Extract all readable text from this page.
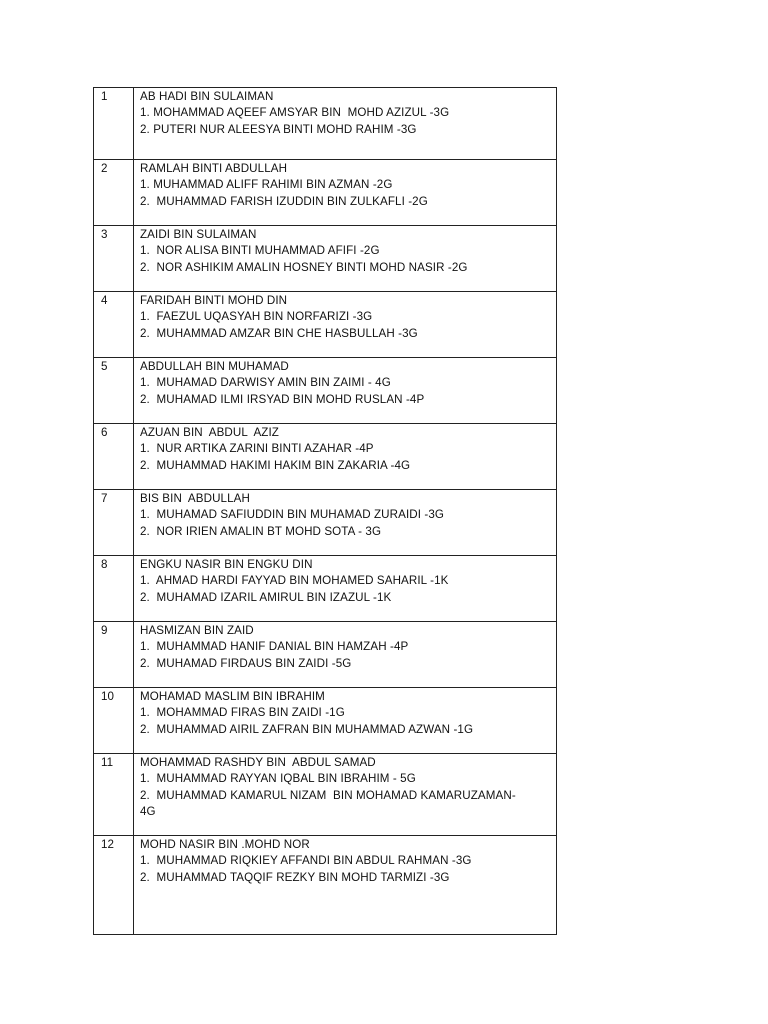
1	AB HADI BIN SULAIMAN
1. MOHAMMAD AQEEF AMSYAR BIN  MOHD AZIZUL -3G
2. PUTERI NUR ALEESYA BINTI MOHD RAHIM -3G

2	RAMLAH BINTI ABDULLAH
1. MUHAMMAD ALIFF RAHIMI BIN AZMAN -2G
2.  MUHAMMAD FARISH IZUDDIN BIN ZULKAFLI -2G

3	ZAIDI BIN SULAIMAN
1.  NOR ALISA BINTI MUHAMMAD AFIFI -2G
2.  NOR ASHIKIM AMALIN HOSNEY BINTI MOHD NASIR -2G

4	FARIDAH BINTI MOHD DIN
1.  FAEZUL UQASYAH BIN NORFARIZI -3G
2.  MUHAMMAD AMZAR BIN CHE HASBULLAH -3G

5	ABDULLAH BIN MUHAMAD
1.  MUHAMAD DARWISY AMIN BIN ZAIMI - 4G
2.  MUHAMAD ILMI IRSYAD BIN MOHD RUSLAN -4P

6	AZUAN BIN  ABDUL  AZIZ
1.  NUR ARTIKA ZARINI BINTI AZAHAR -4P
2.  MUHAMMAD HAKIMI HAKIM BIN ZAKARIA -4G

7	BIS BIN  ABDULLAH
1.  MUHAMAD SAFIUDDIN BIN MUHAMAD ZURAIDI -3G
2.  NOR IRIEN AMALIN BT MOHD SOTA - 3G

8	ENGKU NASIR BIN ENGKU DIN
1.  AHMAD HARDI FAYYAD BIN MOHAMED SAHARIL -1K
2.  MUHAMAD IZARIL AMIRUL BIN IZAZUL -1K

9	HASMIZAN BIN ZAID
1.  MUHAMMAD HANIF DANIAL BIN HAMZAH -4P
2.  MUHAMAD FIRDAUS BIN ZAIDI -5G

10	MOHAMAD MASLIM BIN IBRAHIM
1.  MOHAMMAD FIRAS BIN ZAIDI -1G
2.  MUHAMMAD AIRIL ZAFRAN BIN MUHAMMAD AZWAN -1G

11	MOHAMMAD RASHDY BIN  ABDUL SAMAD
1.  MUHAMMAD RAYYAN IQBAL BIN IBRAHIM - 5G
2.  MUHAMMAD KAMARUL NIZAM  BIN MOHAMAD KAMARUZAMAN-
4G

12	MOHD NASIR BIN .MOHD NOR
1.  MUHAMMAD RIQKIEY AFFANDI BIN ABDUL RAHMAN -3G
2.  MUHAMMAD TAQQIF REZKY BIN MOHD TARMIZI -3G
